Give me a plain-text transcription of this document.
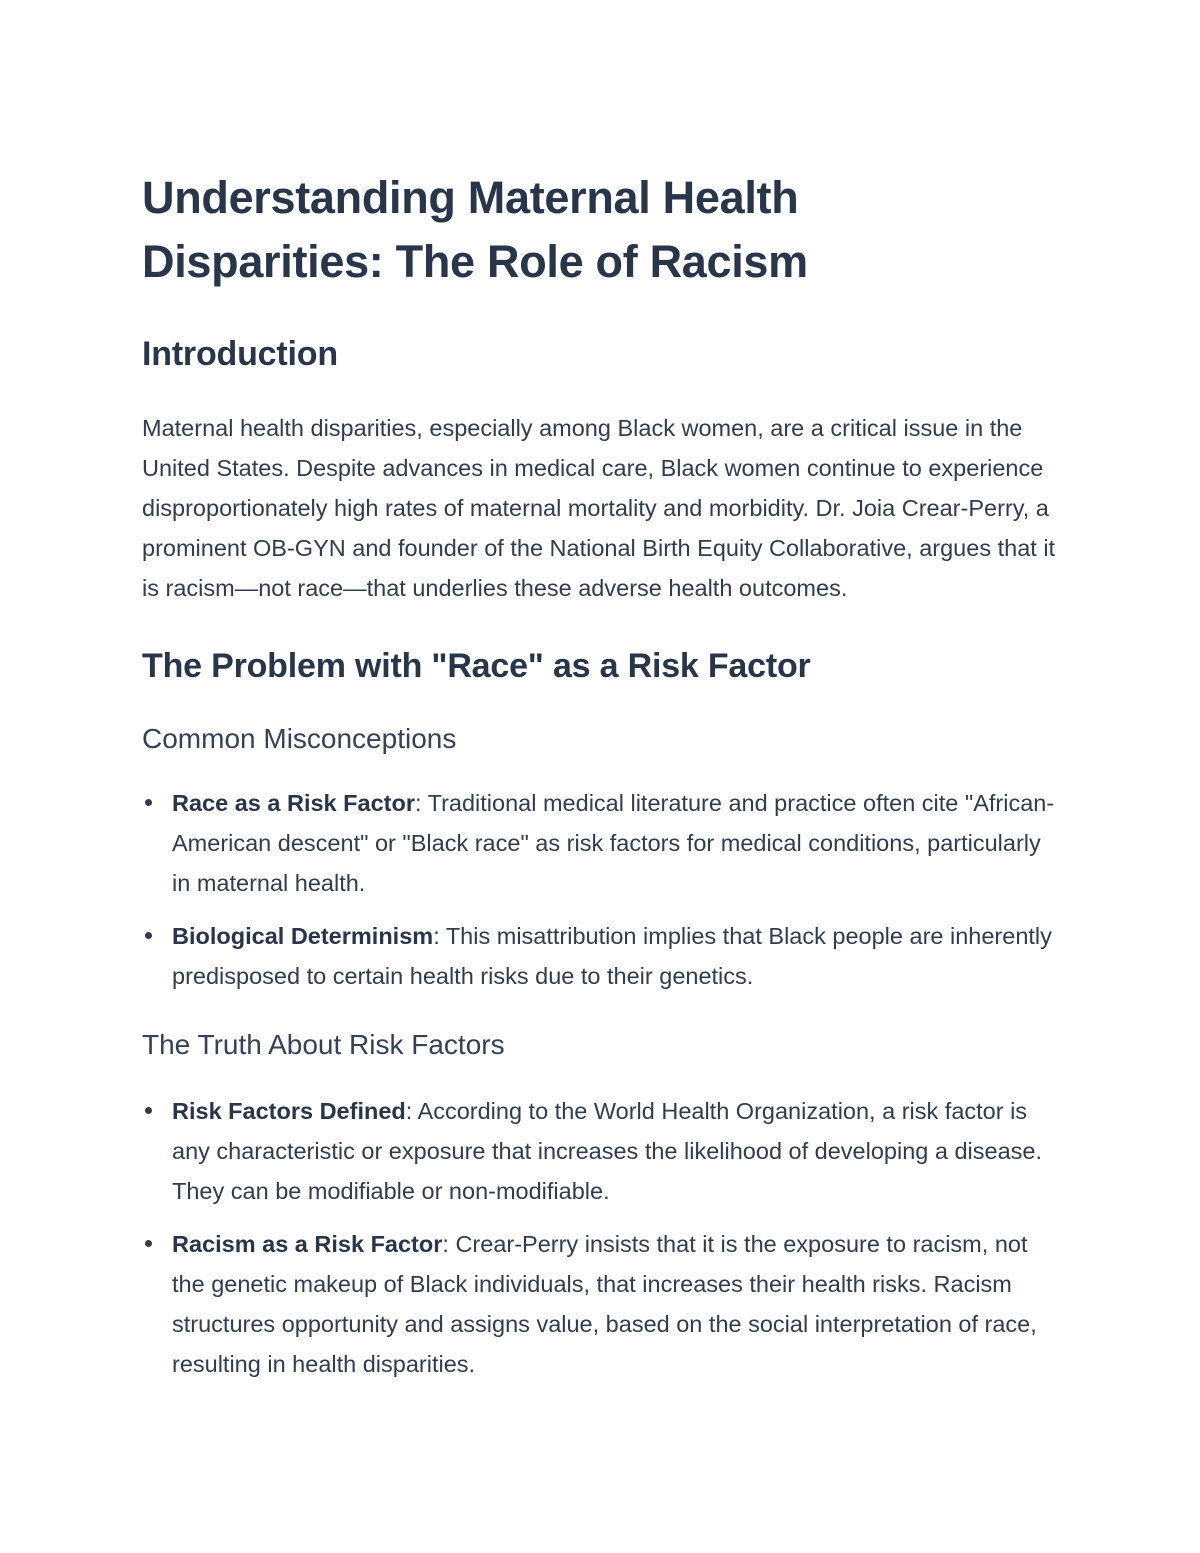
Understanding Maternal Health
Disparities: The Role of Racism
Introduction

Maternal health disparities, especially among Black women, are a critical issue in the United States. Despite advances in medical care, Black women continue to experience disproportionately high rates of maternal mortality and morbidity. Dr. Joia Crear-Perry, a prominent OB-GYN and founder of the National Birth Equity Collaborative, argues that it is racism—not race—that underlies these adverse health outcomes.

The Problem with "Race" as a Risk Factor
Common Misconceptions
Race as a Risk Factor: Traditional medical literature and practice often cite "African-American descent" or "Black race" as risk factors for medical conditions, particularly in maternal health.
Biological Determinism: This misattribution implies that Black people are inherently predisposed to certain health risks due to their genetics.
The Truth About Risk Factors
Risk Factors Defined: According to the World Health Organization, a risk factor is any characteristic or exposure that increases the likelihood of developing a disease. They can be modifiable or non-modifiable.
Racism as a Risk Factor: Crear-Perry insists that it is the exposure to racism, not the genetic makeup of Black individuals, that increases their health risks. Racism structures opportunity and assigns value, based on the social interpretation of race, resulting in health disparities.
